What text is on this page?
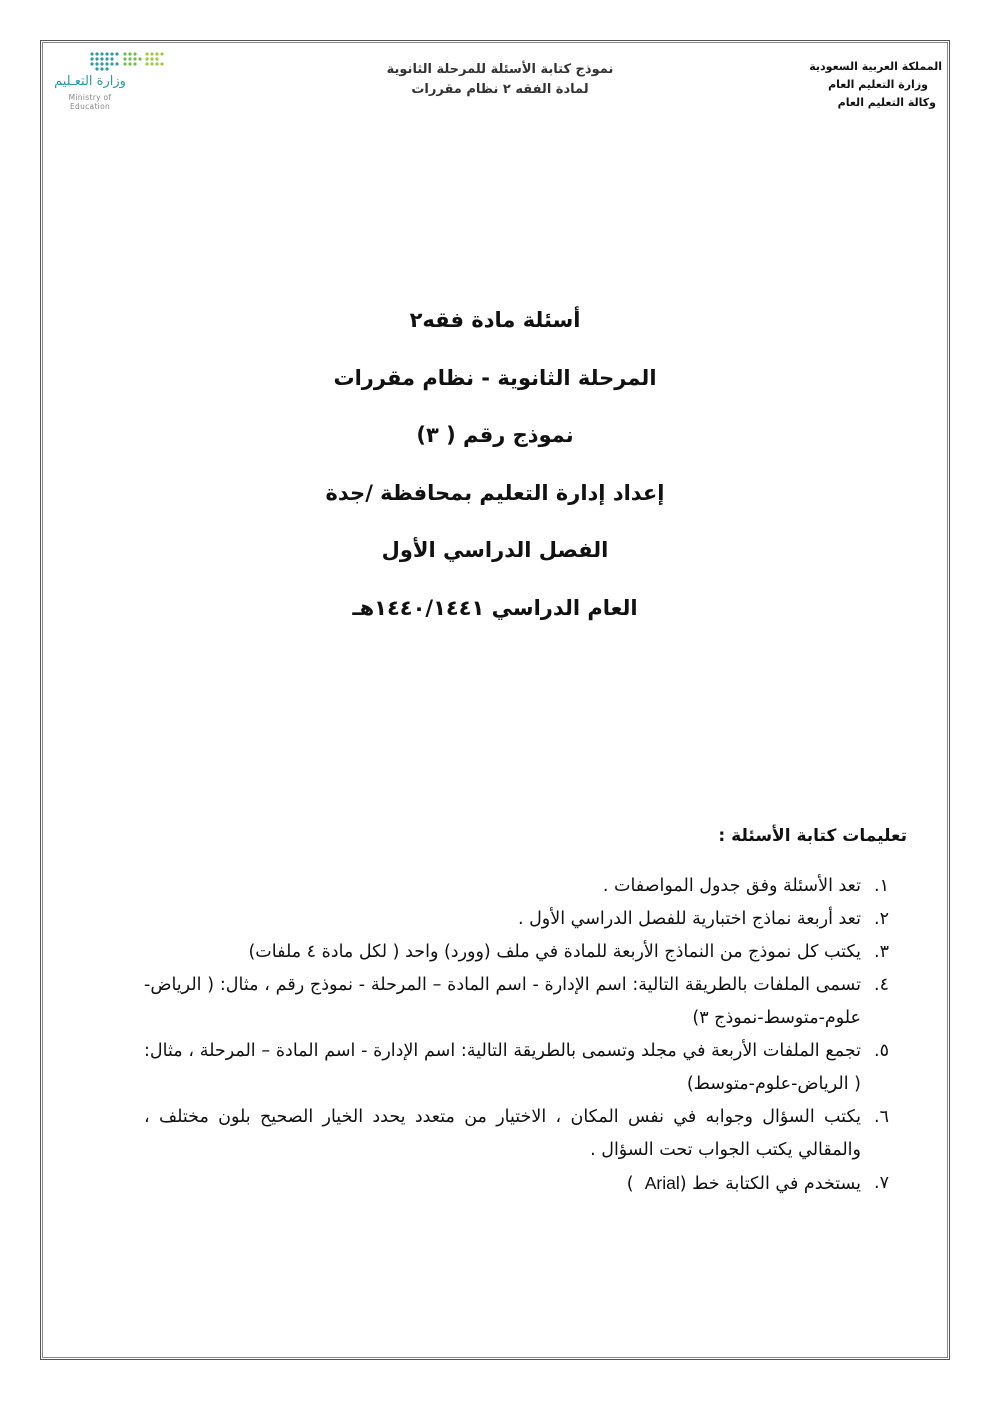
وزارة التعـليم
Ministry of Education
نموذج كتابة الأسئلة للمرحلة الثانوية
لمادة الفقه ٢ نظام مقررات
المملكة العربية السعودية
وزارة التعليم العام
وكالة التعليم العام
أسئلة مادة فقه٢
المرحلة الثانوية - نظام مقررات
نموذج رقم ( ٣)
إعداد إدارة التعليم بمحافظة /جدة
الفصل الدراسي الأول
العام الدراسي ١٤٤٠/١٤٤١هـ
تعليمات كتابة الأسئلة :
١.
تعد الأسئلة وفق جدول المواصفات .
٢.
تعد أربعة نماذج اختبارية للفصل الدراسي الأول .
٣.
يكتب كل نموذج من النماذج الأربعة للمادة في ملف (وورد) واحد ( لكل مادة ٤ ملفات)
٤.
تسمى الملفات بالطريقة التالية: اسم الإدارة - اسم المادة – المرحلة - نموذج رقم ، مثال: ( الرياض-علوم-متوسط-نموذج ٣)
٥.
تجمع الملفات الأربعة في مجلد وتسمى بالطريقة التالية: اسم الإدارة - اسم المادة – المرحلة ، مثال: ( الرياض-علوم-متوسط)
٦.
يكتب السؤال وجوابه في نفس المكان ، الاختيار من متعدد يحدد الخيار الصحيح بلون مختلف ، والمقالي يكتب الجواب تحت السؤال .
٧.
يستخدم في الكتابة خط (Arial  )
